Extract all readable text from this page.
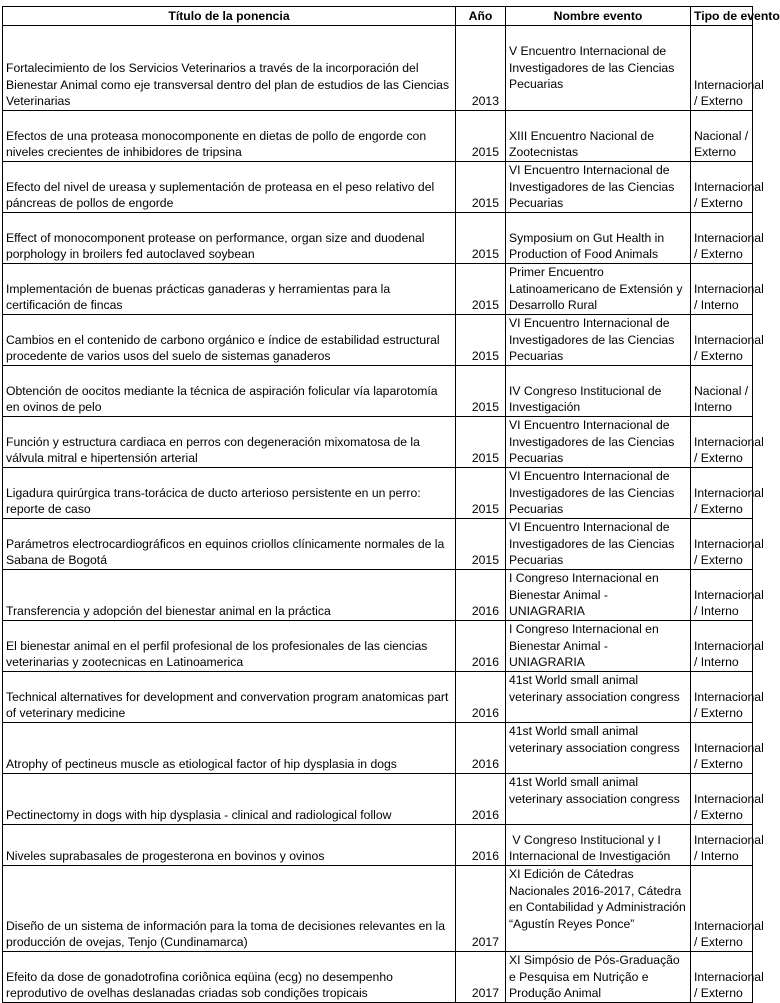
Título de la ponencia	Año	Nombre evento	Tipo de evento
Fortalecimiento de los Servicios Veterinarios a través de la incorporación del Bienestar Animal como eje transversal dentro del plan de estudios de las Ciencias Veterinarias	2013	V Encuentro Internacional de Investigadores de las Ciencias Pecuarias	Internacional / Externo
Efectos de una proteasa monocomponente en dietas de pollo de engorde con niveles crecientes de inhibidores de tripsina	2015	XIII Encuentro Nacional de Zootecnistas	Nacional / Externo
Efecto del nivel de ureasa y suplementación de proteasa en el peso relativo del páncreas de pollos de engorde	2015	VI Encuentro Internacional de Investigadores de las Ciencias Pecuarias	Internacional / Externo
Effect of monocomponent protease on performance, organ size and duodenal porphology in broilers fed autoclaved soybean	2015	Symposium on Gut Health in Production of Food Animals	Internacional / Externo
Implementación de buenas prácticas ganaderas y herramientas para la certificación de fincas	2015	Primer Encuentro Latinoamericano de Extensión y Desarrollo Rural	Internacional / Interno
Cambios en el contenido de carbono orgánico e índice de estabilidad estructural procedente de varios usos del suelo de sistemas ganaderos	2015	VI Encuentro Internacional de Investigadores de las Ciencias Pecuarias	Internacional / Externo
Obtención de oocitos mediante la técnica de aspiración folicular vía laparotomía en ovinos de pelo	2015	IV Congreso Institucional de Investigación	Nacional / Interno
Función y estructura cardiaca en perros con degeneración mixomatosa de la válvula mitral e hipertensión arterial	2015	VI Encuentro Internacional de Investigadores de las Ciencias Pecuarias	Internacional / Externo
Ligadura quirúrgica trans-torácica de ducto arterioso persistente en un perro: reporte de caso	2015	VI Encuentro Internacional de Investigadores de las Ciencias Pecuarias	Internacional / Externo
Parámetros electrocardiográficos en equinos criollos clínicamente normales de la Sabana de Bogotá	2015	VI Encuentro Internacional de Investigadores de las Ciencias Pecuarias	Internacional / Externo
Transferencia y adopción del bienestar animal en la práctica	2016	I Congreso Internacional en Bienestar Animal - UNIAGRARIA	Internacional / Interno
El bienestar animal en el perfil profesional de los profesionales de las ciencias veterinarias y zootecnicas en Latinoamerica	2016	I Congreso Internacional en Bienestar Animal - UNIAGRARIA	Internacional / Interno
Technical alternatives for development and convervation program anatomicas part of veterinary medicine	2016	41st World small animal veterinary association congress	Internacional / Externo
Atrophy of pectineus muscle as etiological factor of hip dysplasia in dogs	2016	41st World small animal veterinary association congress	Internacional / Externo
Pectinectomy in dogs with hip dysplasia - clinical and radiological follow	2016	41st World small animal veterinary association congress	Internacional / Externo
Niveles suprabasales de progesterona en bovinos y ovinos	2016	V Congreso Institucional y I Internacional de Investigación	Internacional / Interno
Diseño de un sistema de información para la toma de decisiones relevantes en la producción de ovejas, Tenjo (Cundinamarca)	2017	XI Edición de Cátedras Nacionales 2016-2017, Cátedra en Contabilidad y Administración “Agustín Reyes Ponce”	Internacional / Externo
Efeito da dose de gonadotrofina coriônica eqüina (ecg) no desempenho reprodutivo de ovelhas deslanadas criadas sob condições tropicais	2017	XI Simpósio de Pós-Graduação e Pesquisa em Nutrição e Produção Animal	Internacional / Externo
